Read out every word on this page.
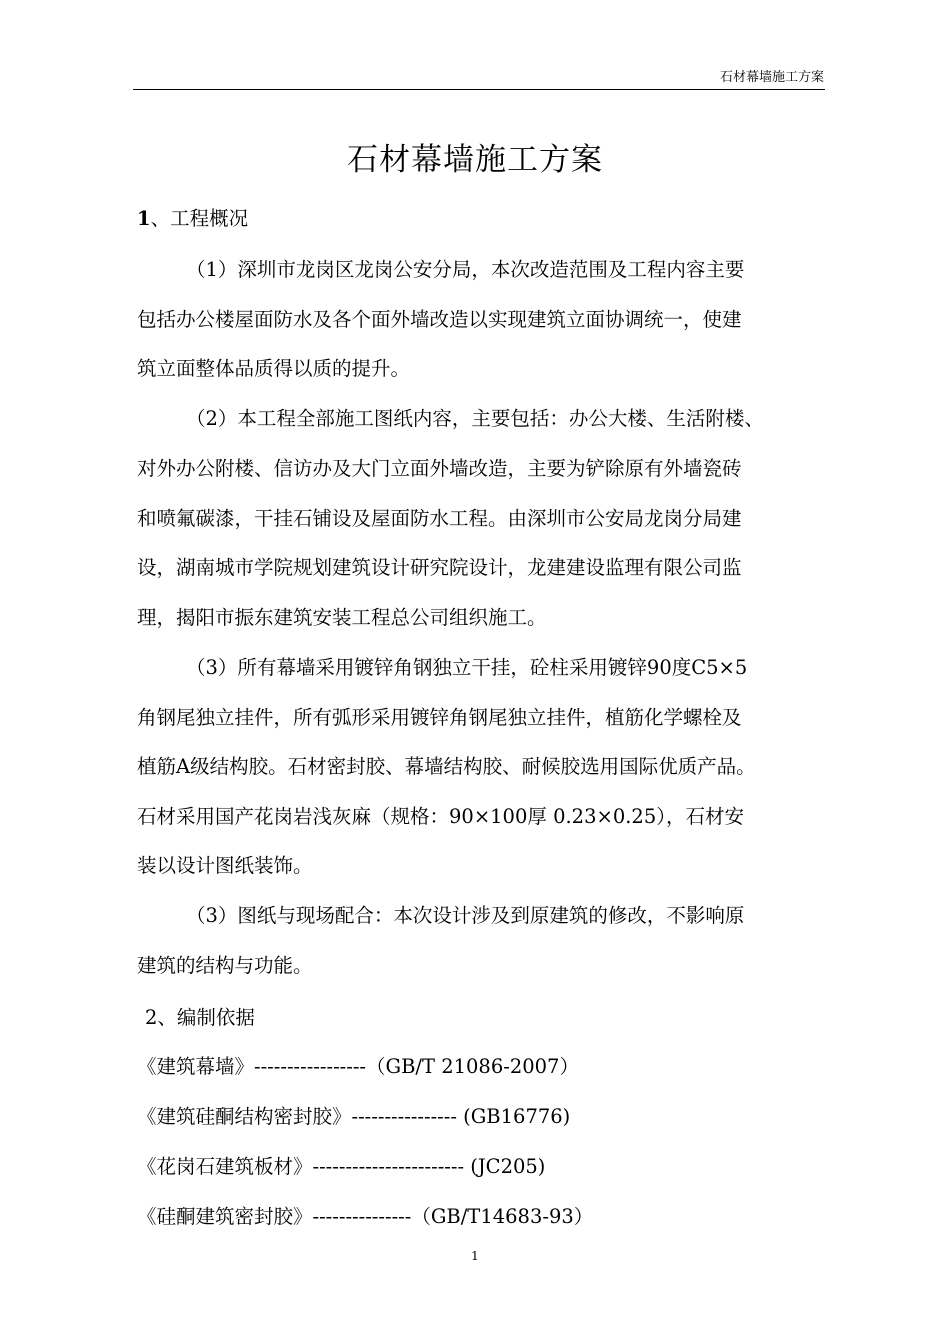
石材幕墙施工方案
石材幕墙施工方案
1、工程概况
（1）深圳市龙岗区龙岗公安分局，本次改造范围及工程内容主要
包括办公楼屋面防水及各个面外墙改造以实现建筑立面协调统一，使建
筑立面整体品质得以质的提升。
（2）本工程全部施工图纸内容，主要包括：办公大楼、生活附楼、
对外办公附楼、信访办及大门立面外墙改造，主要为铲除原有外墙瓷砖
和喷氟碳漆，干挂石铺设及屋面防水工程。由深圳市公安局龙岗分局建
设，湖南城市学院规划建筑设计研究院设计，龙建建设监理有限公司监
理，揭阳市振东建筑安装工程总公司组织施工。
（3）所有幕墙采用镀锌角钢独立干挂，砼柱采用镀锌90度C5×5
角钢尾独立挂件，所有弧形采用镀锌角钢尾独立挂件，植筋化学螺栓及
植筋A级结构胶。石材密封胶、幕墙结构胶、耐候胶选用国际优质产品。
石材采用国产花岗岩浅灰麻（规格：90×100厚 0.23×0.25），石材安
装以设计图纸装饰。
（3）图纸与现场配合：本次设计涉及到原建筑的修改，不影响原
建筑的结构与功能。
2、编制依据
《建筑幕墙》-----------------（GB/T 21086-2007）
《建筑硅酮结构密封胶》---------------- (GB16776)
《花岗石建筑板材》----------------------- (JC205)
《硅酮建筑密封胶》---------------（GB/T14683-93）
1
